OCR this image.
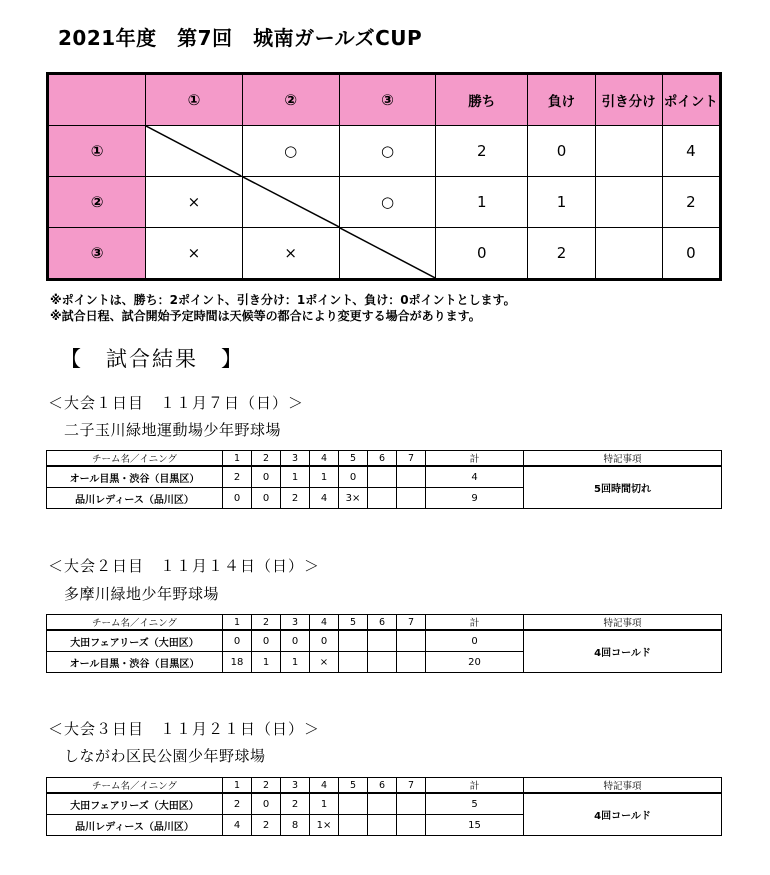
2021年度　第7回　城南ガールズCUP
	①	②	③	勝ち	負け	引き分け	ポイント
①		○	○	2	0		4
②	×		○	1	1		2
③	×	×		0	2		0
※ポイントは、勝ち：2ポイント、引き分け：1ポイント、負け：0ポイントとします。
※試合日程、試合開始予定時間は天候等の都合により変更する場合があります。
【　試合結果　】
＜大会１日目　１１月７日（日）＞
二子玉川緑地運動場少年野球場
チーム名／イニング	1	2	3	4	5	6	7	計	特記事項
オール目黒・渋谷（目黒区）	2	0	1	1	0			4	5回時間切れ
品川レディース（品川区）	0	0	2	4	3×			9	
＜大会２日目　１１月１４日（日）＞
多摩川緑地少年野球場
チーム名／イニング	1	2	3	4	5	6	7	計	特記事項
大田フェアリーズ（大田区）	0	0	0	0				0	4回コールド
オール目黒・渋谷（目黒区）	18	1	1	×				20	
＜大会３日目　１１月２１日（日）＞
しながわ区民公園少年野球場
チーム名／イニング	1	2	3	4	5	6	7	計	特記事項
大田フェアリーズ（大田区）	2	0	2	1				5	4回コールド
品川レディース（品川区）	4	2	8	1×				15	
